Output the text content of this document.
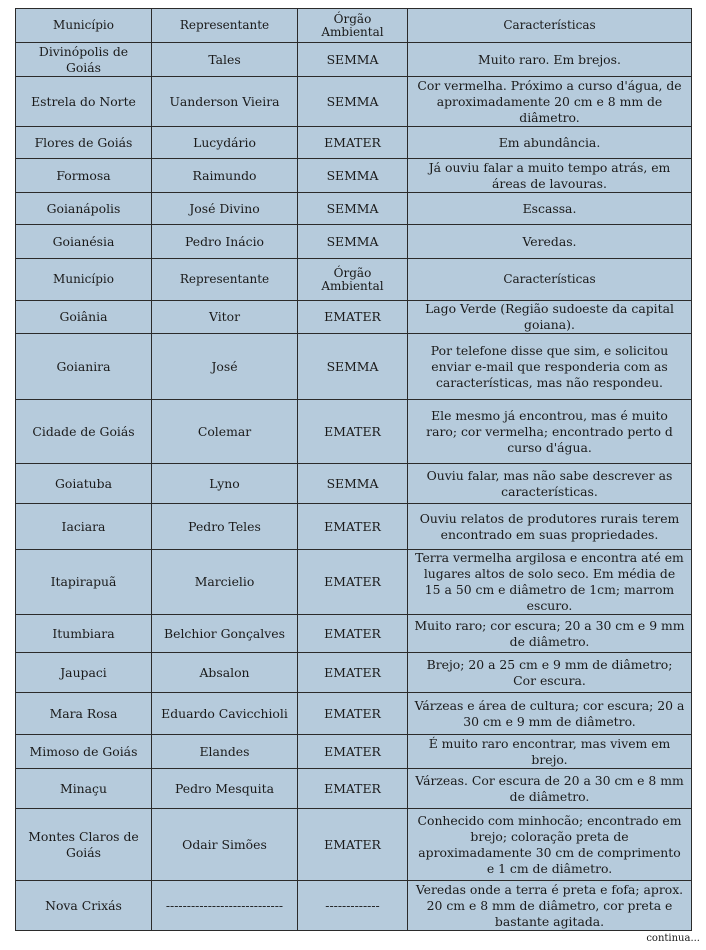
Município	Representante	Órgão Ambiental	Características
Divinópolis de Goiás	Tales	SEMMA	Muito raro. Em brejos.
Estrela do Norte	Uanderson Vieira	SEMMA	Cor vermelha. Próximo a curso d'água, de aproximadamente 20 cm e 8 mm de diâmetro.
Flores de Goiás	Lucydário	EMATER	Em abundância.
Formosa	Raimundo	SEMMA	Já ouviu falar a muito tempo atrás, em áreas de lavouras.
Goianápolis	José Divino	SEMMA	Escassa.
Goianésia	Pedro Inácio	SEMMA	Veredas.
Município	Representante	Órgão Ambiental	Características
Goiânia	Vitor	EMATER	Lago Verde (Região sudoeste da capital goiana).
Goianira	José	SEMMA	Por telefone disse que sim, e solicitou enviar e-mail que responderia com as características, mas não respondeu.
Cidade de Goiás	Colemar	EMATER	Ele mesmo já encontrou, mas é muito raro; cor vermelha; encontrado perto d curso d'água.
Goiatuba	Lyno	SEMMA	Ouviu falar, mas não sabe descrever as características.
Iaciara	Pedro Teles	EMATER	Ouviu relatos de produtores rurais terem encontrado em suas propriedades.
Itapirapuã	Marcielio	EMATER	Terra vermelha argilosa e encontra até em lugares altos de solo seco. Em média de 15 a 50 cm e diâmetro de 1cm; marrom escuro.
Itumbiara	Belchior Gonçalves	EMATER	Muito raro; cor escura; 20 a 30 cm e 9 mm de diâmetro.
Jaupaci	Absalon	EMATER	Brejo; 20 a 25 cm e 9 mm de diâmetro; Cor escura.
Mara Rosa	Eduardo Cavicchioli	EMATER	Várzeas e área de cultura; cor escura; 20 a 30 cm e 9 mm de diâmetro.
Mimoso de Goiás	Elandes	EMATER	É muito raro encontrar, mas vivem em brejo.
Minaçu	Pedro Mesquita	EMATER	Várzeas. Cor escura de 20 a 30 cm e 8 mm de diâmetro.
Montes Claros de Goiás	Odair Simões	EMATER	Conhecido com minhocão; encontrado em brejo; coloração preta de aproximadamente 30 cm de comprimento e 1 cm de diâmetro.
Nova Crixás	----------------------------	-------------	Veredas onde a terra é preta e fofa; aprox. 20 cm e 8 mm de diâmetro, cor preta e bastante agitada.
continua...
